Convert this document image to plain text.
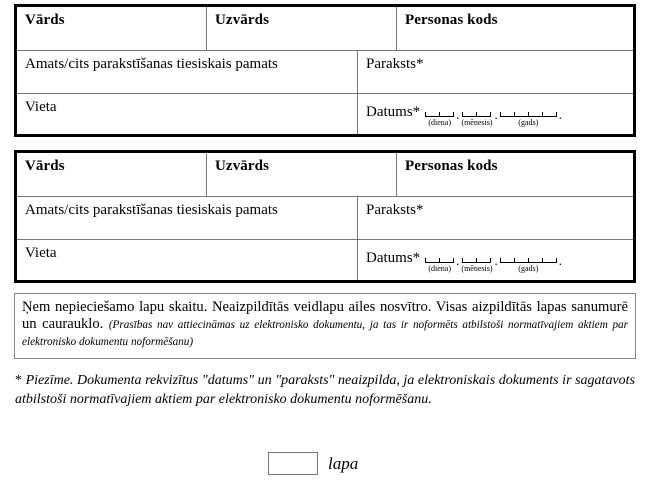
Vārds	Uzvārds	Personas kods
Amats/cits parakstīšanas tiesiskais pamats	Paraksts*
Vieta	Datums*
(diena)
.
(mēnesis)
.
(gads)
.
Vārds	Uzvārds	Personas kods
Amats/cits parakstīšanas tiesiskais pamats	Paraksts*
Vieta	Datums*
(diena)
.
(mēnesis)
.
(gads)
.

Ņem nepieciešamo lapu skaitu. Neaizpildītās veidlapu ailes nosvītro. Visas aizpildītās lapas sanumurē un caurauklo. (Prasības nav attiecināmas uz elektronisko dokumentu, ja tas ir noformēts atbilstoši normatīvajiem aktiem par elektronisko dokumentu noformēšanu)

* Piezīme. Dokumenta rekvizītus "datums" un "paraksts" neaizpilda, ja elektroniskais dokuments ir sagatavots atbilstoši normatīvajiem aktiem par elektronisko dokumentu noformēšanu.

lapa
